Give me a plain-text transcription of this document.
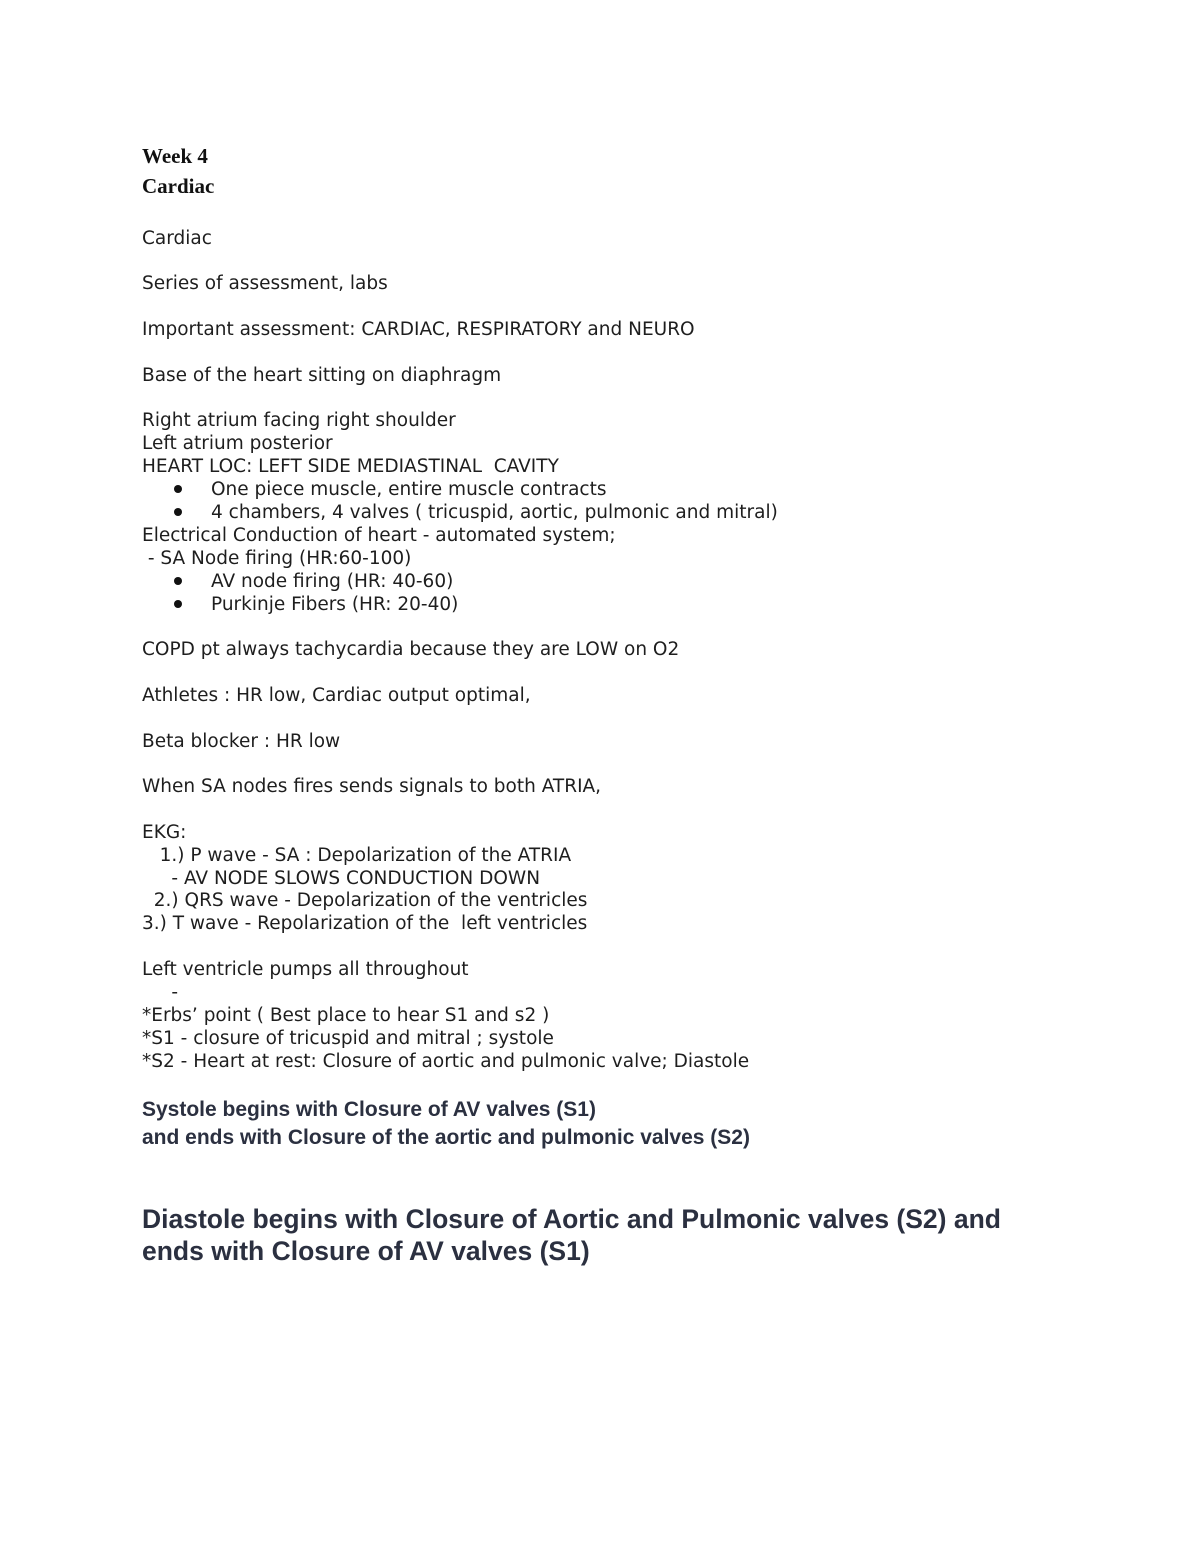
Week 4
Cardiac
Cardiac
Series of assessment, labs
Important assessment: CARDIAC, RESPIRATORY and NEURO
Base of the heart sitting on diaphragm
Right atrium facing right shoulder
Left atrium posterior
HEART LOC: LEFT SIDE MEDIASTINAL  CAVITY
One piece muscle, entire muscle contracts
4 chambers, 4 valves ( tricuspid, aortic, pulmonic and mitral)
Electrical Conduction of heart - automated system;
- SA Node firing (HR:60-100)
AV node firing (HR: 40-60)
Purkinje Fibers (HR: 20-40)
COPD pt always tachycardia because they are LOW on O2
Athletes : HR low, Cardiac output optimal,
Beta blocker : HR low
When SA nodes fires sends signals to both ATRIA,
EKG:
1.) P wave - SA : Depolarization of the ATRIA
- AV NODE SLOWS CONDUCTION DOWN
2.) QRS wave - Depolarization of the ventricles
3.) T wave - Repolarization of the  left ventricles
Left ventricle pumps all throughout
-
*Erbs’ point ( Best place to hear S1 and s2 )
*S1 - closure of tricuspid and mitral ; systole
*S2 - Heart at rest: Closure of aortic and pulmonic valve; Diastole
Systole begins with Closure of AV valves (S1)
and ends with Closure of the aortic and pulmonic valves (S2)
Diastole begins with Closure of Aortic and Pulmonic valves (S2) and
ends with Closure of AV valves (S1)
